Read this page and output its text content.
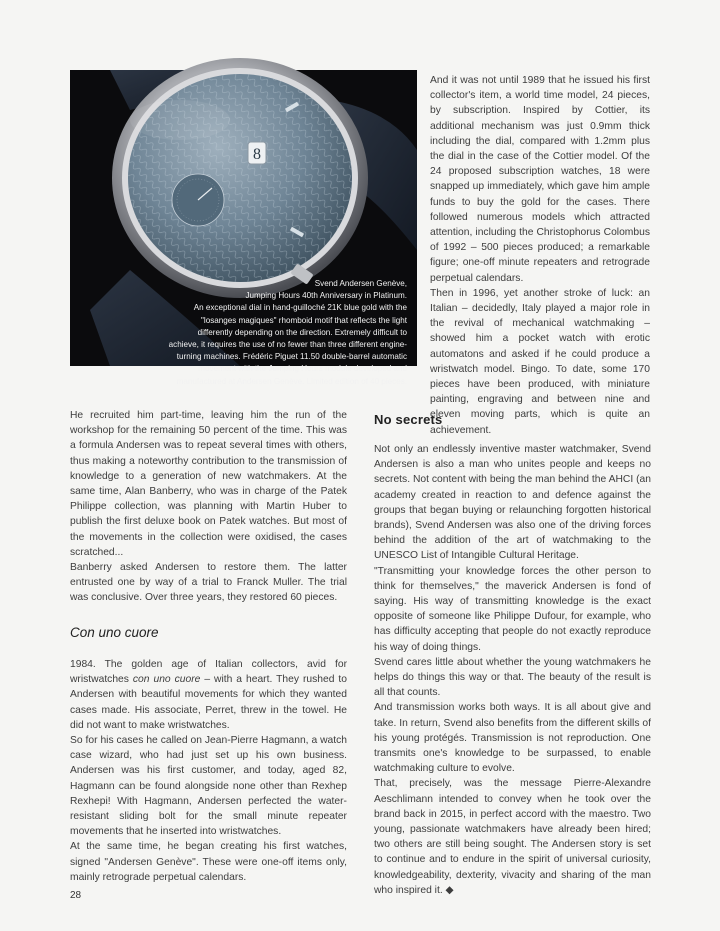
8

Svend Andersen Genève,

Jumping Hours 40th Anniversary in Platinum.

An exceptional dial in hand-guilloché 21K blue gold with the

"losanges magiques" rhomboid motif that reflects the light

differently depending on the direction. Extremely difficult to

achieve, it requires the use of no fewer than three different engine-

turning machines. Frédéric Piguet 11.50 double-barrel automatic

movement with the Jumping Hours module developed and

manufactured at Andersen Genève. Limited edition of 40 pieces.

And it was not until 1989 that he issued his first collector's item, a world time model, 24 pieces, by subscription. Inspired by Cottier, its additional mechanism was just 0.9mm thick including the dial, compared with 1.2mm plus the dial in the case of the Cottier model. Of the 24 proposed subscription watches, 18 were snapped up immediately, which gave him ample funds to buy the gold for the cases. There followed numerous models which attracted attention, including the Christophorus Colombus of 1992 – 500 pieces produced; a remarkable figure; one-off minute repeaters and retrograde perpetual calendars.

Then in 1996, yet another stroke of luck: an Italian – decidedly, Italy played a major role in the revival of mechanical watchmaking – showed him a pocket watch with erotic automatons and asked if he could produce a wristwatch model. Bingo. To date, some 170 pieces have been produced, with miniature painting, engraving and between nine and eleven moving parts, which is quite an achievement.

He recruited him part-time, leaving him the run of the workshop for the remaining 50 percent of the time. This was a formula Andersen was to repeat several times with others, thus making a noteworthy contribution to the transmission of knowledge to a generation of new watchmakers. At the same time, Alan Banberry, who was in charge of the Patek Philippe collection, was planning with Martin Huber to publish the first deluxe book on Patek watches. But most of the movements in the collection were oxidised, the cases scratched...

Banberry asked Andersen to restore them. The latter entrusted one by way of a trial to Franck Muller. The trial was conclusive. Over three years, they restored 60 pieces.

Con uno cuore

1984. The golden age of Italian collectors, avid for wristwatches con uno cuore – with a heart. They rushed to Andersen with beautiful movements for which they wanted cases made. His associate, Perret, threw in the towel. He did not want to make wristwatches.

So for his cases he called on Jean-Pierre Hagmann, a watch case wizard, who had just set up his own business. Andersen was his first customer, and today, aged 82, Hagmann can be found alongside none other than Rexhep Rexhepi! With Hagmann, Andersen perfected the water-resistant sliding bolt for the small minute repeater movements that he inserted into wristwatches.

At the same time, he began creating his first watches, signed "Andersen Genève". These were one-off items only, mainly retrograde perpetual calendars.

No secrets

Not only an endlessly inventive master watchmaker, Svend Andersen is also a man who unites people and keeps no secrets. Not content with being the man behind the AHCI (an academy created in reaction to and defence against the groups that began buying or relaunching forgotten historical brands), Svend Andersen was also one of the driving forces behind the addition of the art of watchmaking to the UNESCO List of Intangible Cultural Heritage.

"Transmitting your knowledge forces the other person to think for themselves," the maverick Andersen is fond of saying. His way of transmitting knowledge is the exact opposite of someone like Philippe Dufour, for example, who has difficulty accepting that people do not exactly reproduce his way of doing things.

Svend cares little about whether the young watchmakers he helps do things this way or that. The beauty of the result is all that counts.

And transmission works both ways. It is all about give and take. In return, Svend also benefits from the different skills of his young protégés. Transmission is not reproduction. One transmits one's knowledge to be surpassed, to enable watchmaking culture to evolve.

That, precisely, was the message Pierre-Alexandre Aeschlimann intended to convey when he took over the brand back in 2015, in perfect accord with the maestro. Two young, passionate watchmakers have already been hired; two others are still being sought. The Andersen story is set to continue and to endure in the spirit of universal curiosity, knowledgeability, dexterity, vivacity and sharing of the man who inspired it. ◆

28
